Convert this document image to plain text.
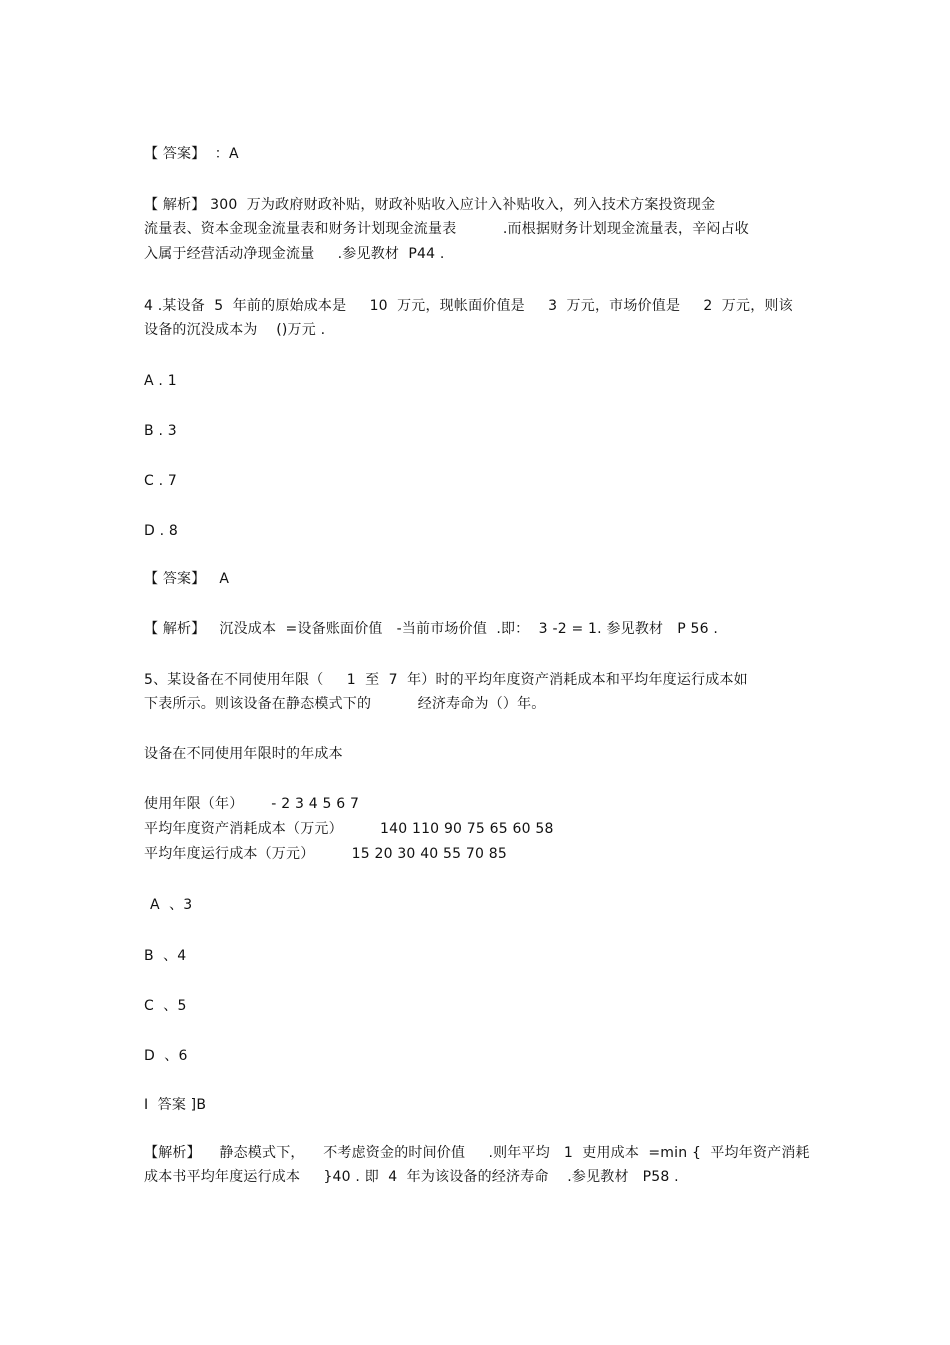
【 答案】  ：A
【 解析】 300  万为政府财政补贴，财政补贴收入应计入补贴收入，列入技术方案投资现金
流量表、资本金现金流量表和财务计划现金流量表          .而根据财务计划现金流量表，辛闷占收
入属于经营活动净现金流量     .参见教材  P44 .
4 .某设备  5  年前的原始成本是     10  万元，现帐面价值是     3  万元，市场价值是     2  万元，则该
设备的沉没成本为    ()万元 .
A . 1
B . 3
C . 7
D . 8
【 答案】   A
【 解析】   沉没成本  =设备账面价值   -当前市场价值  .即：  3 -2 = 1. 参见教材   P 56 .
5、某设备在不同使用年限（     1  至  7  年）时的平均年度资产消耗成本和平均年度运行成本如
下表所示。则该设备在静态模式下的          经济寿命为（）年。
设备在不同使用年限时的年成本
使用年限（年）      - 2 3 4 5 6 7
平均年度资产消耗成本（万元）        140 110 90 75 65 60 58
平均年度运行成本（万元）        15 20 30 40 55 70 85
A  、3
B  、4
C  、5
D  、6
I  答案 ]B
【解析】    静态模式下，    不考虑资金的时间价值     .则年平均   1  吏用成本  =min {  平均年资产消耗
成本书平均年度运行成本     }40 . 即  4  年为该设备的经济寿命    .参见教材   P58 .
